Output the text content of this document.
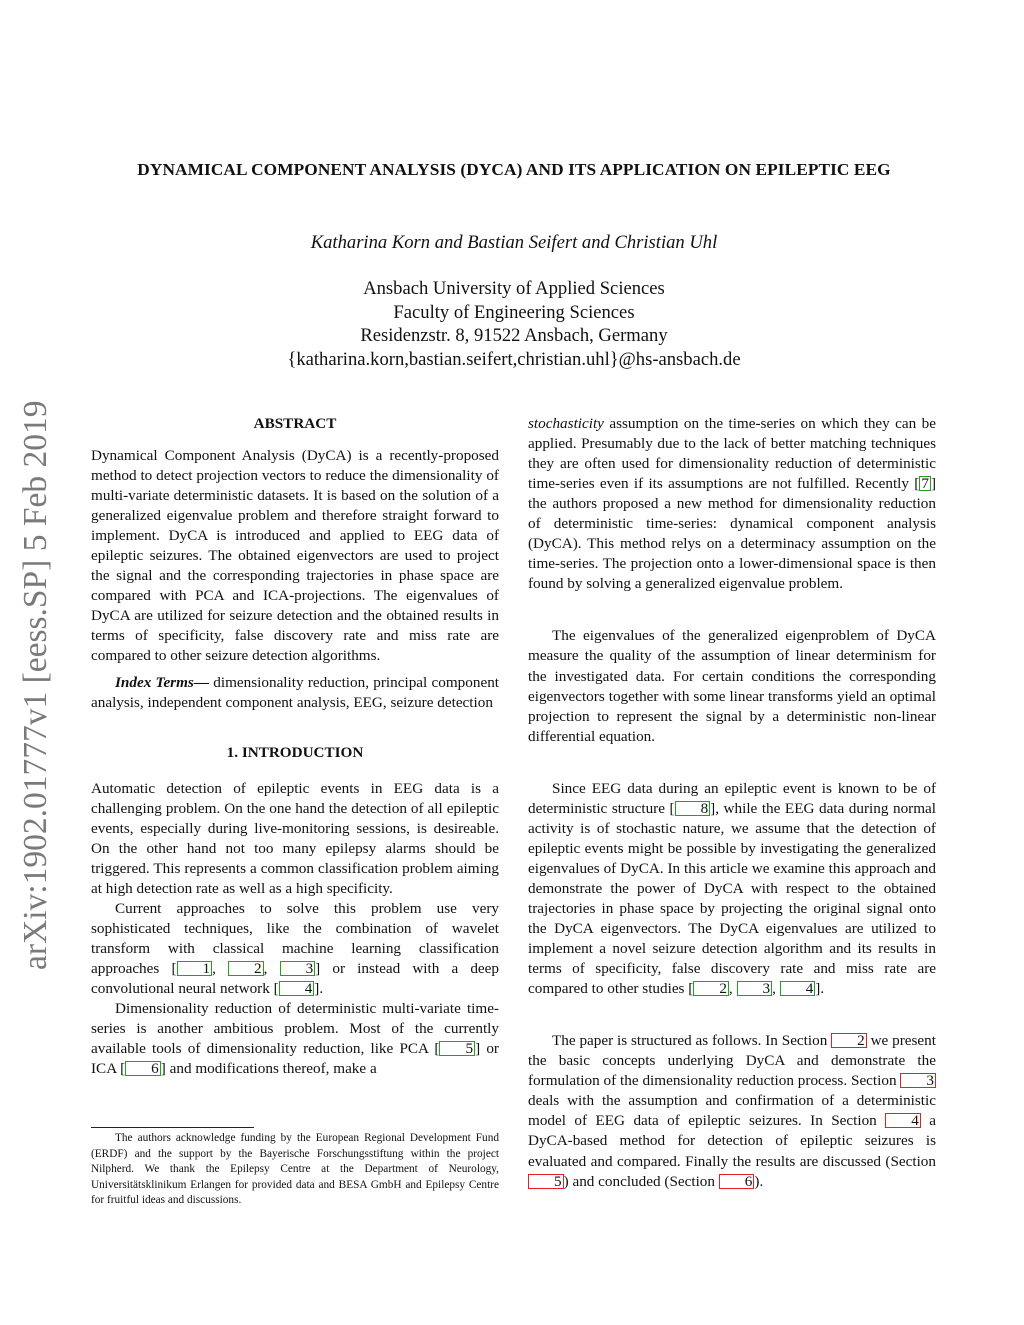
arXiv:1902.01777v1 [eess.SP] 5 Feb 2019
DYNAMICAL COMPONENT ANALYSIS (DYCA) AND ITS APPLICATION ON EPILEPTIC EEG
Katharina Korn and Bastian Seifert and Christian Uhl
Ansbach University of Applied Sciences
Faculty of Engineering Sciences
Residenzstr. 8, 91522 Ansbach, Germany
{katharina.korn,bastian.seifert,christian.uhl}@hs-ansbach.de
ABSTRACT

Dynamical Component Analysis (DyCA) is a recently-proposed method to detect projection vectors to reduce the dimensionality of multi-variate deterministic datasets. It is based on the solution of a generalized eigenvalue problem and therefore straight forward to implement. DyCA is introduced and applied to EEG data of epileptic seizures. The obtained eigenvectors are used to project the signal and the corresponding trajectories in phase space are compared with PCA and ICA-projections. The eigenvalues of DyCA are utilized for seizure detection and the obtained results in terms of specificity, false discovery rate and miss rate are compared to other seizure detection algorithms.

Index Terms— dimensionality reduction, principal component analysis, independent component analysis, EEG, seizure detection

1. INTRODUCTION

Automatic detection of epileptic events in EEG data is a challenging problem. On the one hand the detection of all epileptic events, especially during live-monitoring sessions, is desireable. On the other hand not too many epilepsy alarms should be triggered. This represents a common classification problem aiming at high detection rate as well as a high specificity.

Current approaches to solve this problem use very sophisticated techniques, like the combination of wavelet transform with classical machine learning classification approaches [ 1 , 2 , 3 ] or instead with a deep convolutional neural network [ 4 ].

Dimensionality reduction of deterministic multi-variate time-series is another ambitious problem. Most of the currently available tools of dimensionality reduction, like PCA [ 5 ] or ICA [ 6 ] and modifications thereof, make a

stochasticity assumption on the time-series on which they can be applied. Presumably due to the lack of better matching techniques they are often used for dimensionality reduction of deterministic time-series even if its assumptions are not fulfilled. Recently [ 7 ] the authors proposed a new method for dimensionality reduction of deterministic time-series: dynamical component analysis (DyCA). This method relys on a determinacy assumption on the time-series. The projection onto a lower-dimensional space is then found by solving a generalized eigenvalue problem.

The eigenvalues of the generalized eigenproblem of DyCA measure the quality of the assumption of linear determinism for the investigated data. For certain conditions the corresponding eigenvectors together with some linear transforms yield an optimal projection to represent the signal by a deterministic non-linear differential equation.

Since EEG data during an epileptic event is known to be of deterministic structure [ 8 ], while the EEG data during normal activity is of stochastic nature, we assume that the detection of epileptic events might be possible by investigating the generalized eigenvalues of DyCA. In this article we examine this approach and demonstrate the power of DyCA with respect to the obtained trajectories in phase space by projecting the original signal onto the DyCA eigenvectors. The DyCA eigenvalues are utilized to implement a novel seizure detection algorithm and its results in terms of specificity, false discovery rate and miss rate are compared to other studies [ 2 , 3 , 4 ].

The paper is structured as follows. In Section 2 we present the basic concepts underlying DyCA and demonstrate the formulation of the dimensionality reduction process. Section 3 deals with the assumption and confirmation of a deterministic model of EEG data of epileptic seizures. In Section 4 a DyCA-based method for detection of epileptic seizures is evaluated and compared. Finally the results are discussed (Section 5 ) and concluded (Section 6 ).

The authors acknowledge funding by the European Regional Development Fund (ERDF) and the support by the Bayerische Forschungsstiftung within the project Nilpherd. We thank the Epilepsy Centre at the Department of Neurology, Universitätsklinikum Erlangen for provided data and BESA GmbH and Epilepsy Centre for fruitful ideas and discussions.
